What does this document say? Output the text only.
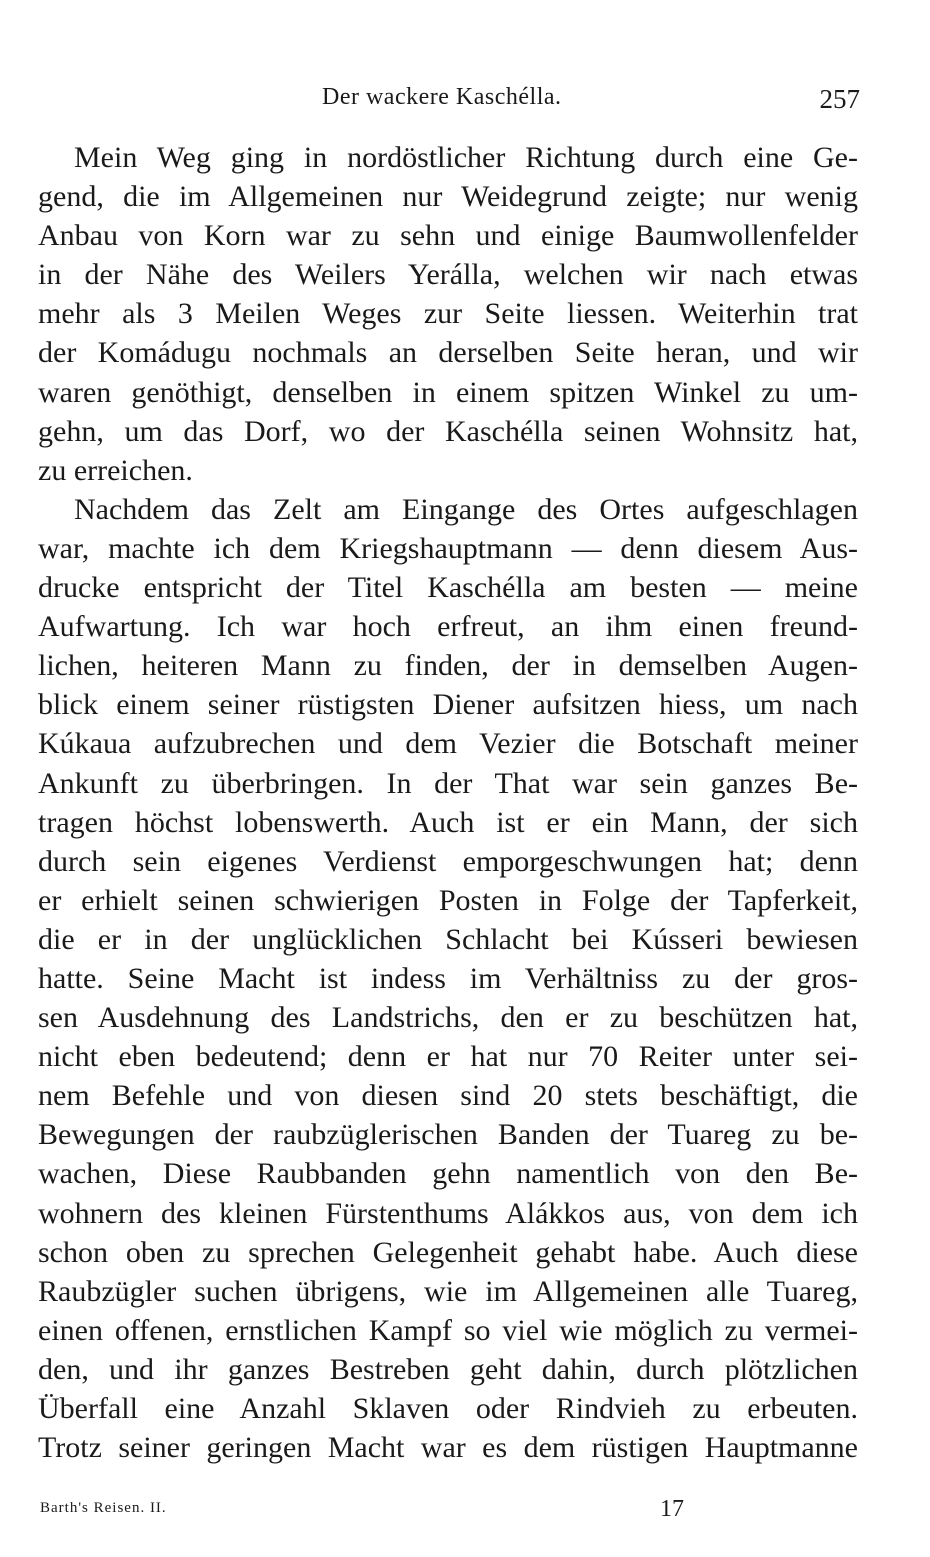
Der wackere Kaschélla.	257
Mein Weg ging in nordöstlicher Richtung durch eine Ge-
gend, die im Allgemeinen nur Weidegrund zeigte; nur wenig
Anbau von Korn war zu sehn und einige Baumwollenfelder
in der Nähe des Weilers Yerálla, welchen wir nach etwas
mehr als 3 Meilen Weges zur Seite liessen. Weiterhin trat
der Komádugu nochmals an derselben Seite heran, und wir
waren genöthigt, denselben in einem spitzen Winkel zu um-
gehn, um das Dorf, wo der Kaschélla seinen Wohnsitz hat,
zu erreichen.
Nachdem das Zelt am Eingange des Ortes aufgeschlagen
war, machte ich dem Kriegshauptmann — denn diesem Aus-
drucke entspricht der Titel Kaschélla am besten — meine
Aufwartung. Ich war hoch erfreut, an ihm einen freund-
lichen, heiteren Mann zu finden, der in demselben Augen-
blick einem seiner rüstigsten Diener aufsitzen hiess, um nach
Kúkaua aufzubrechen und dem Vezier die Botschaft meiner
Ankunft zu überbringen. In der That war sein ganzes Be-
tragen höchst lobenswerth. Auch ist er ein Mann, der sich
durch sein eigenes Verdienst emporgeschwungen hat; denn
er erhielt seinen schwierigen Posten in Folge der Tapferkeit,
die er in der unglücklichen Schlacht bei Kússeri bewiesen
hatte. Seine Macht ist indess im Verhältniss zu der gros-
sen Ausdehnung des Landstrichs, den er zu beschützen hat,
nicht eben bedeutend; denn er hat nur 70 Reiter unter sei-
nem Befehle und von diesen sind 20 stets beschäftigt, die
Bewegungen der raubzüglerischen Banden der Tuareg zu be-
wachen, Diese Raubbanden gehn namentlich von den Be-
wohnern des kleinen Fürstenthums Alákkos aus, von dem ich
schon oben zu sprechen Gelegenheit gehabt habe. Auch diese
Raubzügler suchen übrigens, wie im Allgemeinen alle Tuareg,
einen offenen, ernstlichen Kampf so viel wie möglich zu vermei-
den, und ihr ganzes Bestreben geht dahin, durch plötzlichen
Überfall eine Anzahl Sklaven oder Rindvieh zu erbeuten.
Trotz seiner geringen Macht war es dem rüstigen Hauptmanne
Barth's Reisen. II.	17
